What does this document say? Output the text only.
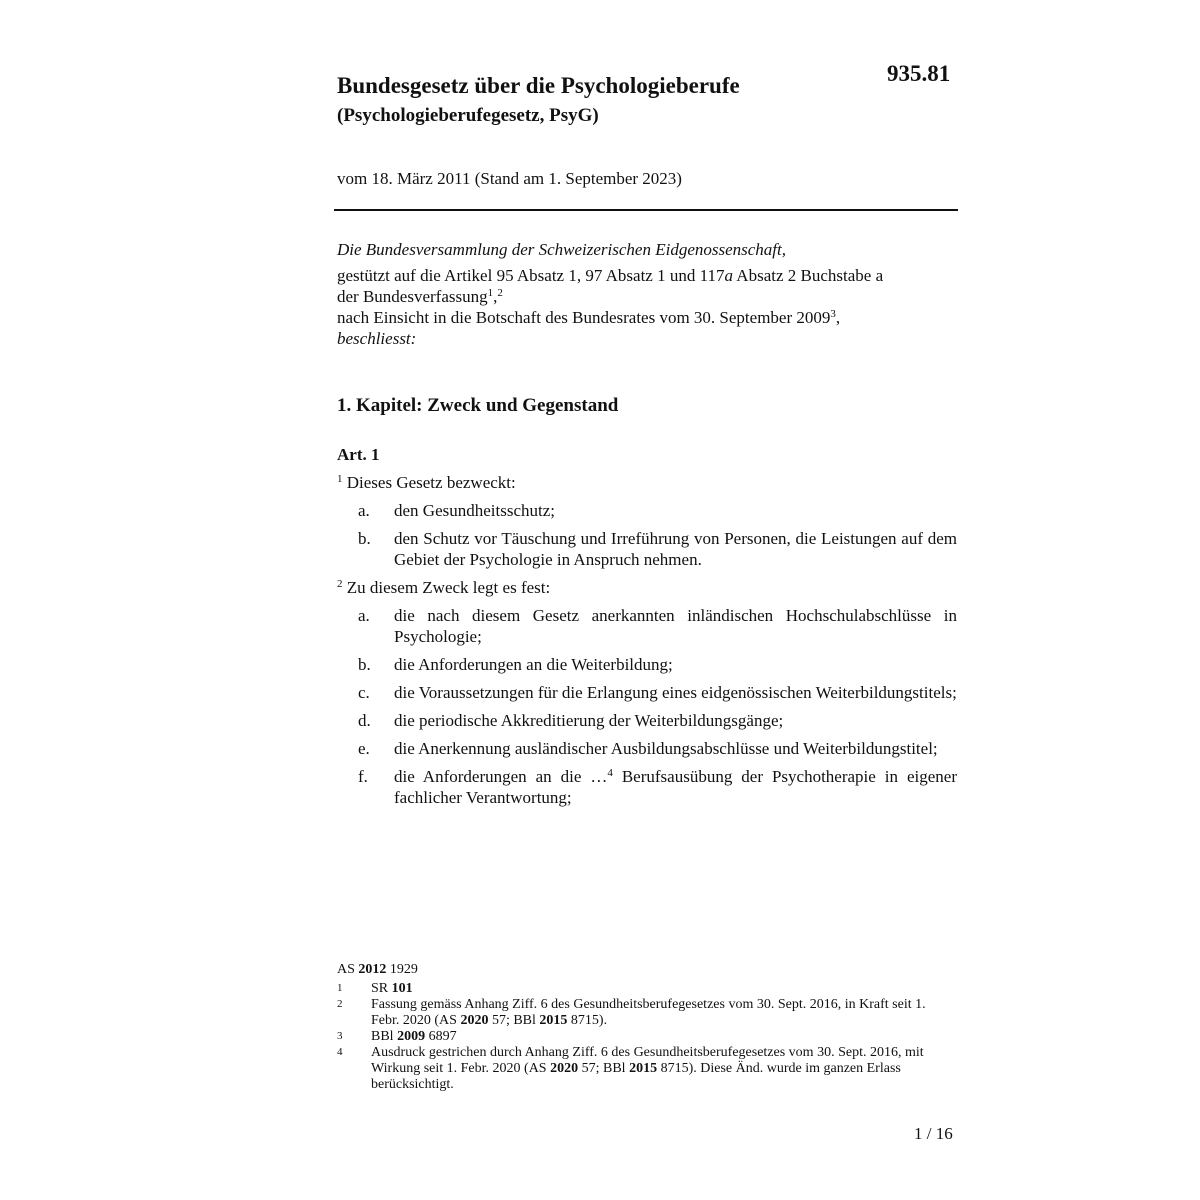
935.81
Bundesgesetz über die Psychologieberufe
(Psychologieberufegesetz, PsyG)
vom 18. März 2011 (Stand am 1. September 2023)

Die Bundesversammlung der Schweizerischen Eidgenossenschaft,

gestützt auf die Artikel 95 Absatz 1, 97 Absatz 1 und 117a Absatz 2 Buchstabe a
der Bundesverfassung$^1$,$^2$

nach Einsicht in die Botschaft des Bundesrates vom 30. September 2009$^3$,

beschliesst:

1. Kapitel: Zweck und Gegenstand

Art. 1

$^1$ Dieses Gesetz bezweckt:

a.	den Gesundheitsschutz;
b.	den Schutz vor Täuschung und Irreführung von Personen, die Leistungen auf dem Gebiet der Psychologie in Anspruch nehmen.

$^2$ Zu diesem Zweck legt es fest:

a.	die nach diesem Gesetz anerkannten inländischen Hochschulabschlüsse in Psychologie;
b.	die Anforderungen an die Weiterbildung;
c.	die Voraussetzungen für die Erlangung eines eidgenössischen Weiterbildungstitels;
d.	die periodische Akkreditierung der Weiterbildungsgänge;
e.	die Anerkennung ausländischer Ausbildungsabschlüsse und Weiterbildungstitel;
f.	die Anforderungen an die …$^4$ Berufsausübung der Psychotherapie in eigener fachlicher Verantwortung;

AS 2012 1929

1	SR 101
2	Fassung gemäss Anhang Ziff. 6 des Gesundheitsberufegesetzes vom 30. Sept. 2016, in Kraft seit 1. Febr. 2020 (AS 2020 57; BBl 2015 8715).
3	BBl 2009 6897
4	Ausdruck gestrichen durch Anhang Ziff. 6 des Gesundheitsberufegesetzes vom 30. Sept. 2016, mit Wirkung seit 1. Febr. 2020 (AS 2020 57; BBl 2015 8715). Diese Änd. wurde im ganzen Erlass berücksichtigt.
1 / 16
